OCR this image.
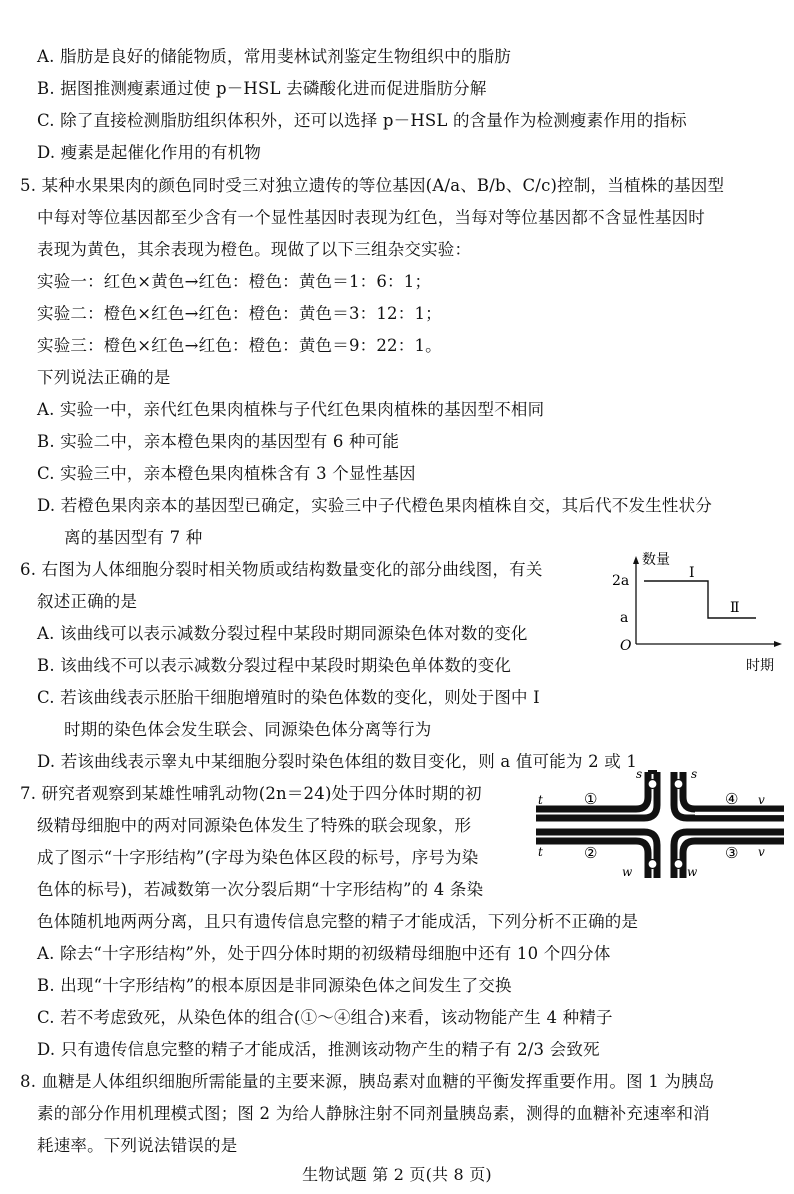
A. 脂肪是良好的储能物质，常用斐林试剂鉴定生物组织中的脂肪
B. 据图推测瘦素通过使 p－HSL 去磷酸化进而促进脂肪分解
C. 除了直接检测脂肪组织体积外，还可以选择 p－HSL 的含量作为检测瘦素作用的指标
D. 瘦素是起催化作用的有机物
5. 某种水果果肉的颜色同时受三对独立遗传的等位基因(A/a、B/b、C/c)控制，当植株的基因型
中每对等位基因都至少含有一个显性基因时表现为红色，当每对等位基因都不含显性基因时
表现为黄色，其余表现为橙色。现做了以下三组杂交实验：
实验一：红色×黄色→红色：橙色：黄色＝1：6：1；
实验二：橙色×红色→红色：橙色：黄色＝3：12：1；
实验三：橙色×红色→红色：橙色：黄色＝9：22：1。
下列说法正确的是
A. 实验一中，亲代红色果肉植株与子代红色果肉植株的基因型不相同
B. 实验二中，亲本橙色果肉的基因型有 6 种可能
C. 实验三中，亲本橙色果肉植株含有 3 个显性基因
D. 若橙色果肉亲本的基因型已确定，实验三中子代橙色果肉植株自交，其后代不发生性状分
离的基因型有 7 种
6. 右图为人体细胞分裂时相关物质或结构数量变化的部分曲线图，有关
叙述正确的是
A. 该曲线可以表示减数分裂过程中某段时期同源染色体对数的变化
B. 该曲线不可以表示减数分裂过程中某段时期染色单体数的变化
C. 若该曲线表示胚胎干细胞增殖时的染色体数的变化，则处于图中 Ⅰ
时期的染色体会发生联会、同源染色体分离等行为
D. 若该曲线表示睾丸中某细胞分裂时染色体组的数目变化，则 a 值可能为 2 或 1
数量
2a
a
O
时期
Ⅰ
Ⅱ
7. 研究者观察到某雄性哺乳动物(2n＝24)处于四分体时期的初
级精母细胞中的两对同源染色体发生了特殊的联会现象，形
成了图示“十字形结构”(字母为染色体区段的标号，序号为染
色体的标号)，若减数第一次分裂后期“十字形结构”的 4 条染
色体随机地两两分离，且只有遗传信息完整的精子才能成活，下列分析不正确的是
A. 除去“十字形结构”外，处于四分体时期的初级精母细胞中还有 10 个四分体
B. 出现“十字形结构”的根本原因是非同源染色体之间发生了交换
C. 若不考虑致死，从染色体的组合(①～④组合)来看，该动物能产生 4 种精子
D. 只有遗传信息完整的精子才能成活，推测该动物产生的精子有 2/3 会致死
s	s
t
t
v
v
w	w
①
②	③
④
8. 血糖是人体组织细胞所需能量的主要来源，胰岛素对血糖的平衡发挥重要作用。图 1 为胰岛
素的部分作用机理模式图；图 2 为给人静脉注射不同剂量胰岛素，测得的血糖补充速率和消
耗速率。下列说法错误的是
生物试题 第 2 页(共 8 页)
